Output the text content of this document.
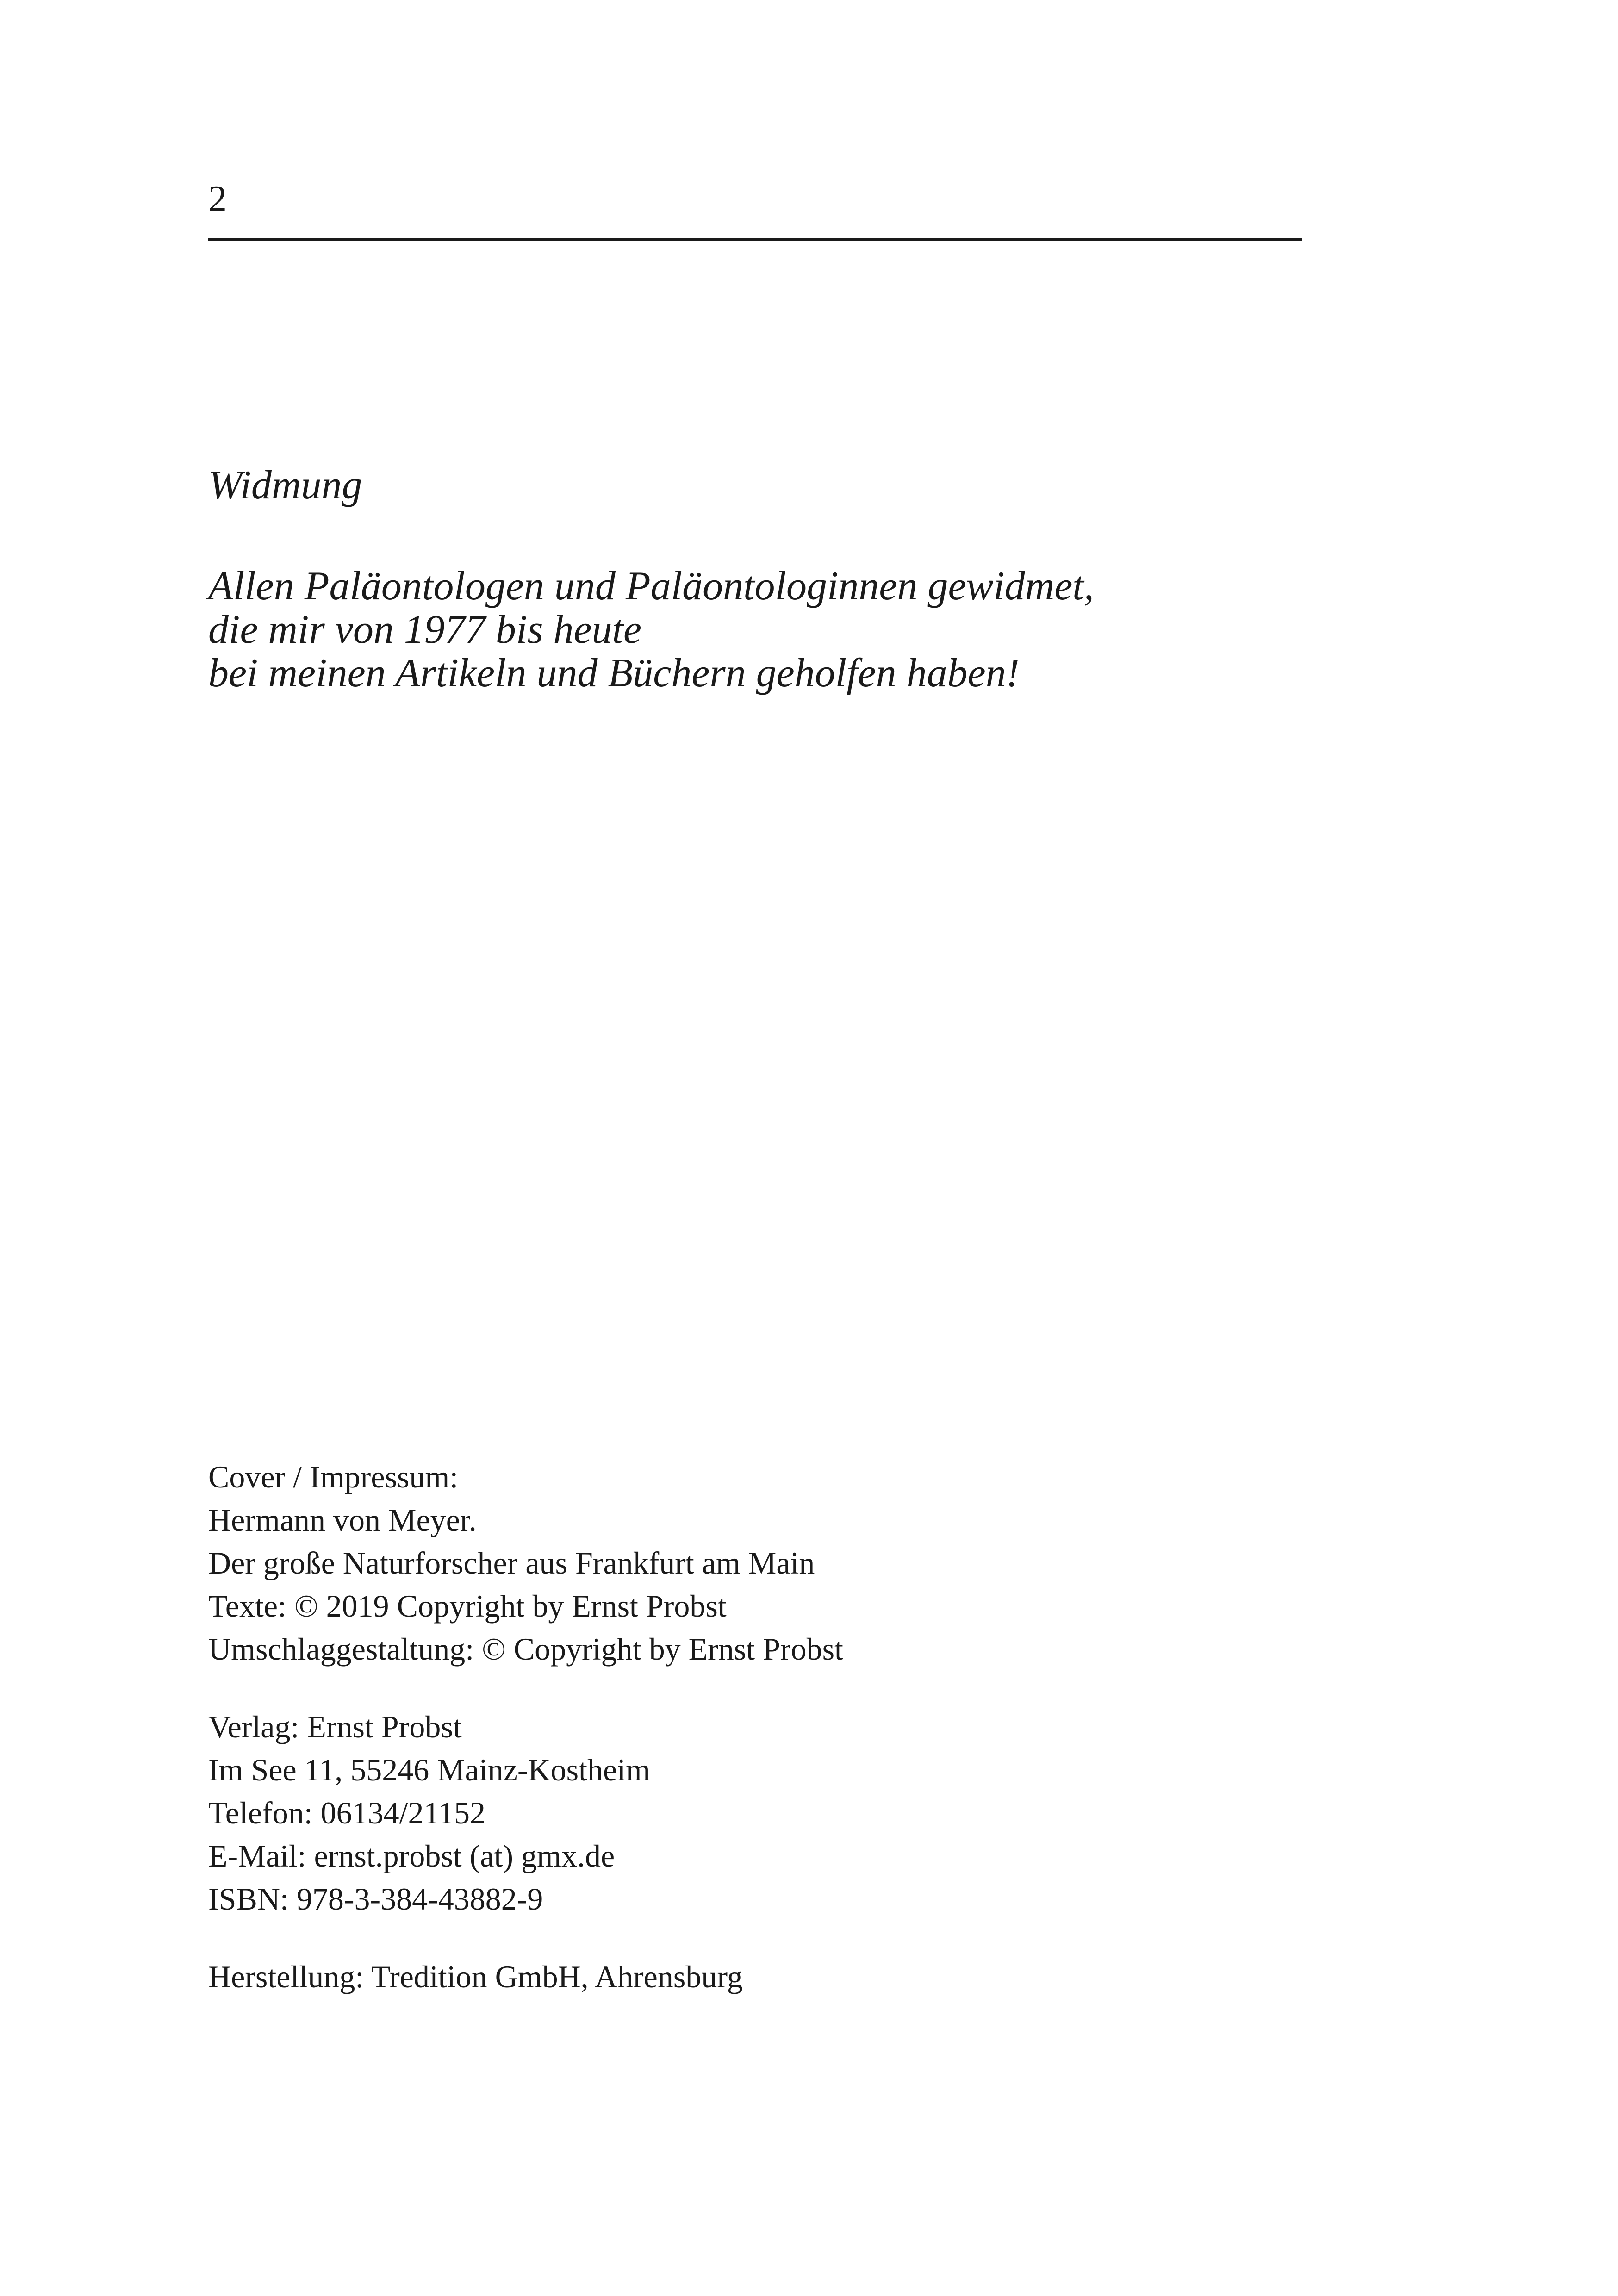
2
Widmung
Allen Paläontologen und Paläontologinnen gewidmet,
die mir von 1977 bis heute
bei meinen Artikeln und Büchern geholfen haben!
Cover / Impressum:
Hermann von Meyer.
Der große Naturforscher aus Frankfurt am Main
Texte: © 2019 Copyright by Ernst Probst
Umschlaggestaltung: © Copyright by Ernst Probst
Verlag: Ernst Probst
Im See 11, 55246 Mainz-Kostheim
Telefon: 06134/21152
E-Mail: ernst.probst (at) gmx.de
ISBN: 978-3-384-43882-9
Herstellung: Tredition GmbH, Ahrensburg
